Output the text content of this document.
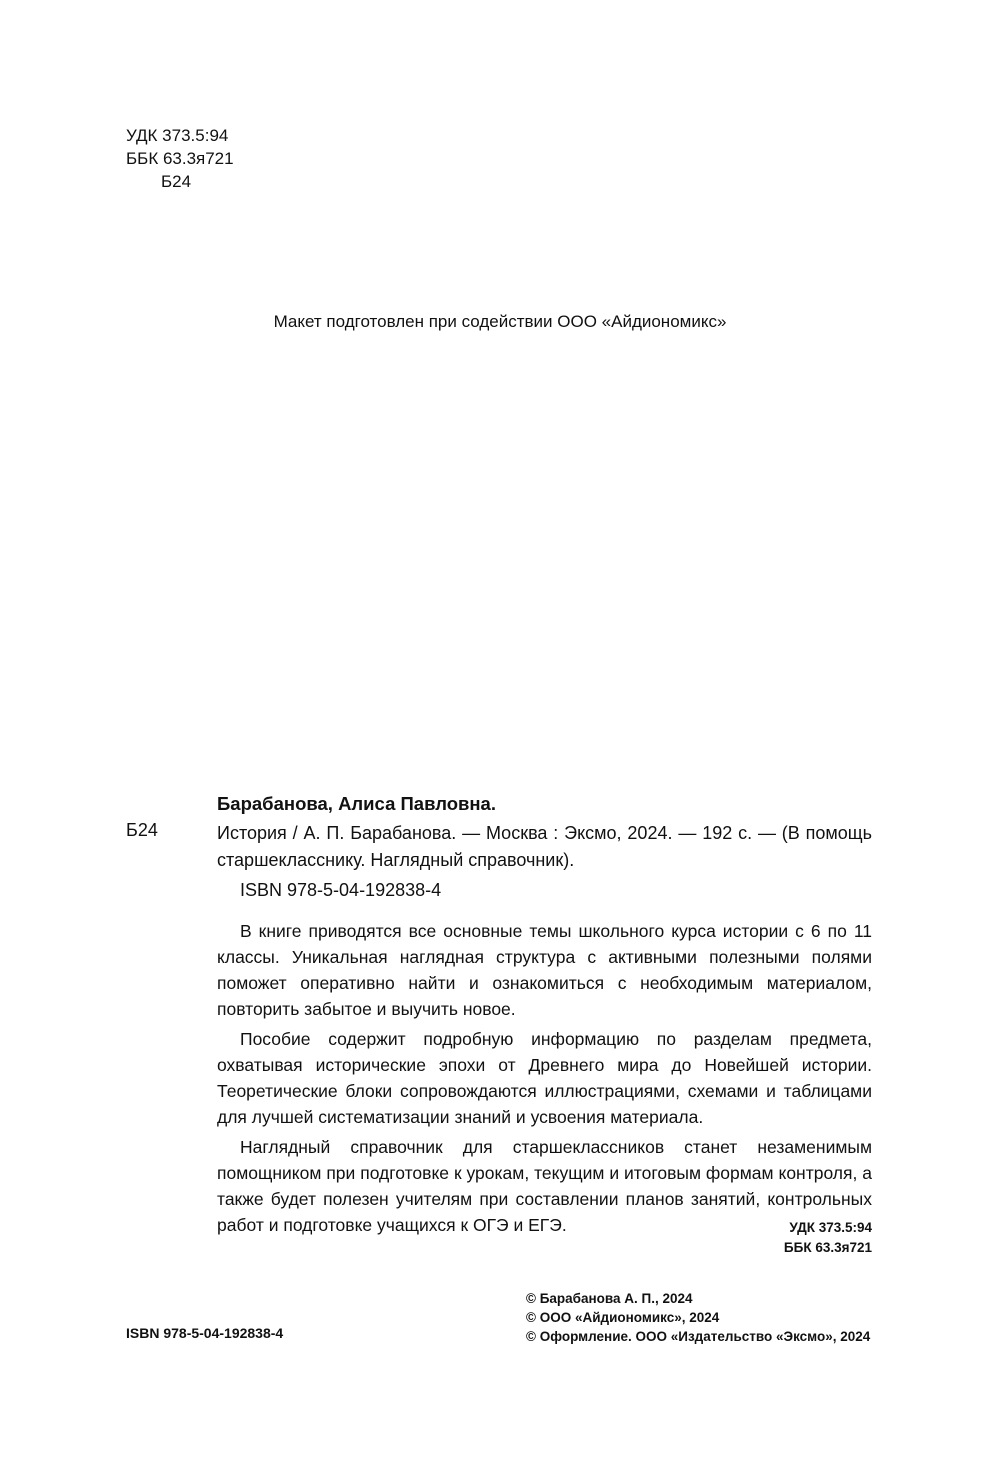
УДК 373.5:94
ББК 63.3я721
Б24
Макет подготовлен при содействии ООО «Айдиономикс»
Барабанова, Алиса Павловна.
Б24	История / А. П. Барабанова. — Москва : Эксмо, 2024. — 192 с. — (В помощь старшекласснику. Наглядный справочник).
ISBN 978-5-04-192838-4

В книге приводятся все основные темы школьного курса истории с 6 по 11 классы. Уникальная наглядная структура с активными полезными полями поможет оперативно найти и ознакомиться с необходимым материалом, повторить забытое и выучить новое.

Пособие содержит подробную информацию по разделам предмета, охватывая исторические эпохи от Древнего мира до Новейшей истории. Теоретические блоки сопровождаются иллюстрациями, схемами и таблицами для лучшей систематизации знаний и усвоения материала.

Наглядный справочник для старшеклассников станет незаменимым помощником при подготовке к урокам, текущим и итоговым формам контроля, а также будет полезен учителям при составлении планов занятий, контрольных работ и подготовке учащихся к ОГЭ и ЕГЭ.	УДК 373.5:94
ББК 63.3я721
ISBN 978-5-04-192838-4
© Барабанова А. П., 2024
© ООО «Айдиономикс», 2024
© Оформление. ООО «Издательство «Эксмо», 2024
